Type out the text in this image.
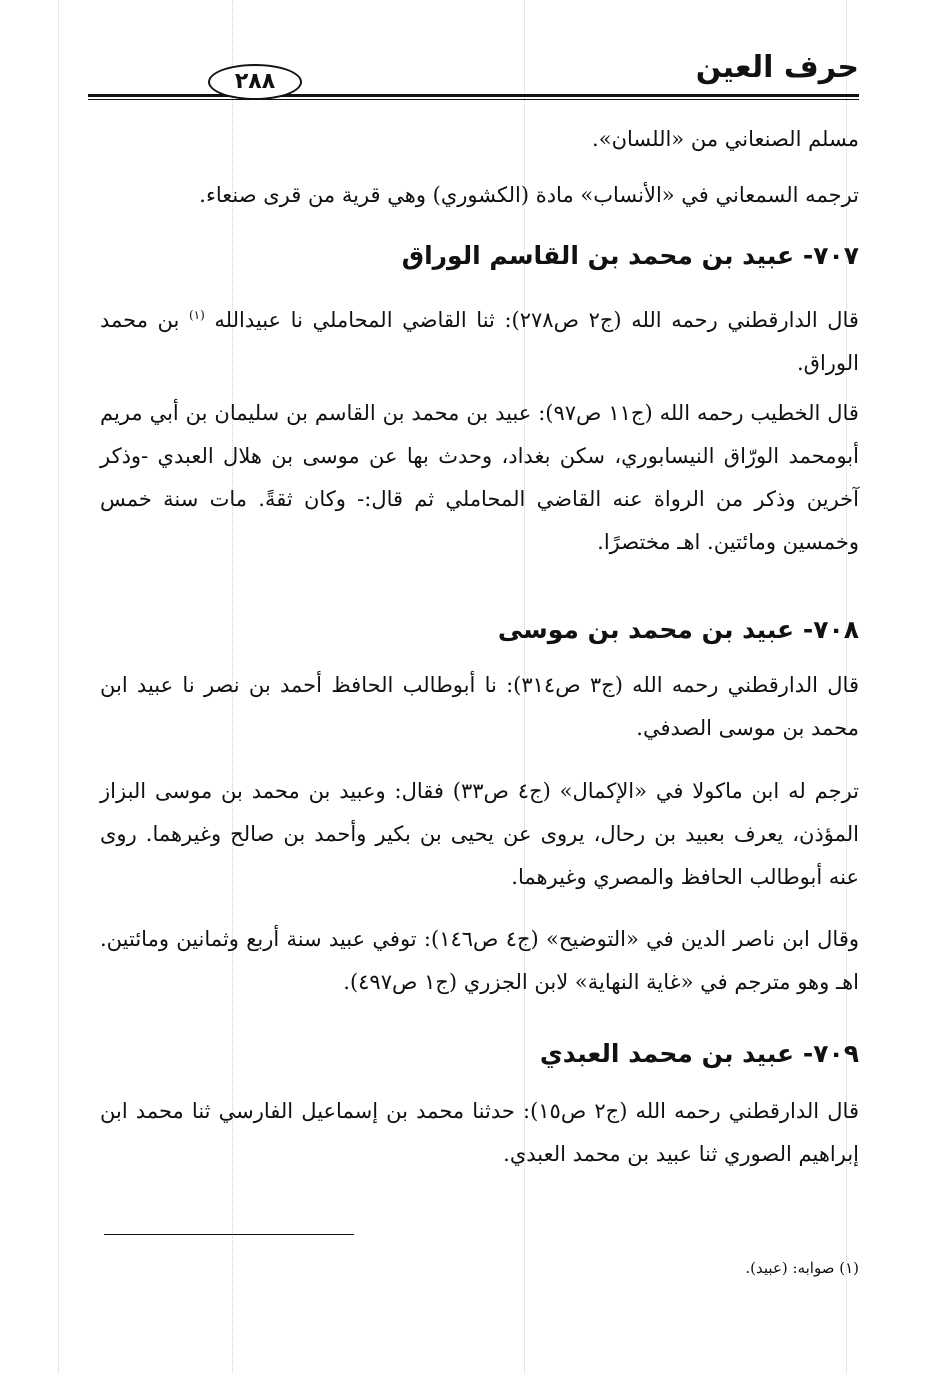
حرف العين
٢٨٨
مسلم الصنعاني من «اللسان».
ترجمه السمعاني في «الأنساب» مادة (الكشوري) وهي قرية من قرى صنعاء.
٧٠٧- عبيد بن محمد بن القاسم الوراق
قال الدارقطني رحمه الله (ج٢ ص٢٧٨): ثنا القاضي المحاملي نا عبيدالله $^{(١)}$ بن محمد الوراق.
قال الخطيب رحمه الله (ج١١ ص٩٧): عبيد بن محمد بن القاسم بن سليمان بن أبي مريم أبومحمد الورّاق النيسابوري، سكن بغداد، وحدث بها عن موسى بن هلال العبدي -وذكر آخرين وذكر من الرواة عنه القاضي المحاملي ثم قال:- وكان ثقةً. مات سنة خمس وخمسين ومائتين. اهـ مختصرًا.
٧٠٨- عبيد بن محمد بن موسى
قال الدارقطني رحمه الله (ج٣ ص٣١٤): نا أبوطالب الحافظ أحمد بن نصر نا عبيد ابن محمد بن موسى الصدفي.
ترجم له ابن ماكولا في «الإكمال» (ج٤ ص٣٣) فقال: وعبيد بن محمد بن موسى البزاز المؤذن، يعرف بعبيد بن رحال، يروى عن يحيى بن بكير وأحمد بن صالح وغيرهما. روى عنه أبوطالب الحافظ والمصري وغيرهما.
وقال ابن ناصر الدين في «التوضيح» (ج٤ ص١٤٦): توفي عبيد سنة أربع وثمانين ومائتين. اهـ وهو مترجم في «غاية النهاية» لابن الجزري (ج١ ص٤٩٧).
٧٠٩- عبيد بن محمد العبدي
قال الدارقطني رحمه الله (ج٢ ص١٥): حدثنا محمد بن إسماعيل الفارسي ثنا محمد ابن إبراهيم الصوري ثنا عبيد بن محمد العبدي.
(١) صوابه: (عبيد).
